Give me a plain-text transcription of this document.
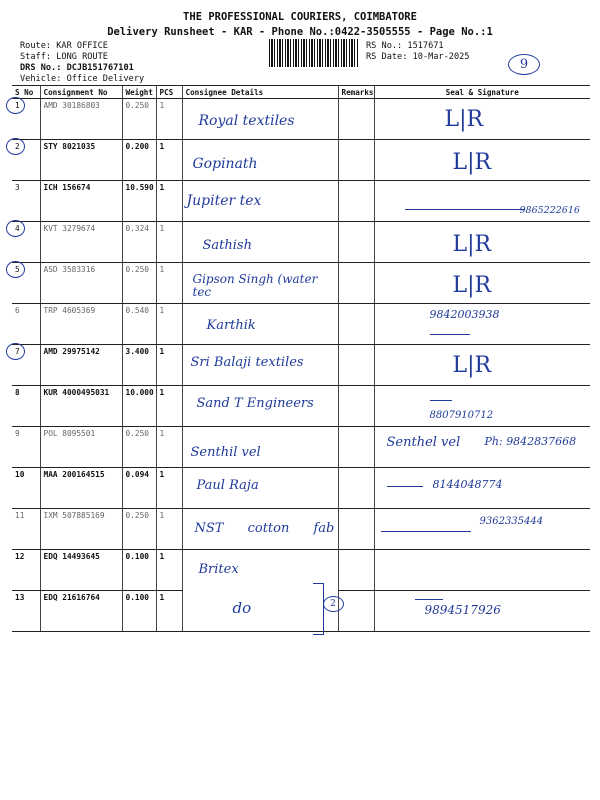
THE PROFESSIONAL COURIERS, COIMBATORE
Delivery Runsheet - KAR - Phone No.:0422-3505555 - Page No.:1
Route: KAR OFFICE
Staff: LONG ROUTE
DRS No.: DCJB151767101
Vehicle: Office Delivery
RS No.: 1517671
RS Date: 10-Mar-2025	9
S No	Consignment No	Weight	PCS	Consignee Details	Remarks	Seal & Signature

1	AMD 30186803	0.250	1	Royal textiles		L|R

2	STY 8021035	0.200	1	Gopinath		L|R

3	ICH 156674	10.590	1	Jupiter tex		9865222616

4	KVT 3279674	0.324	1	Sathish		L|R

5	ASD 3583316	0.250	1	Gipson Singh (water tec		L|R

6	TRP 4605369	0.540	1	Karthik		9842003938

7	AMD 29975142	3.400	1	Sri Balaji textiles		L|R

8	KUR 4000495031	10.000	1	Sand T Engineers		8807910712

9	POL 8095501	0.250	1	Senthil vel		Senthel vel Ph: 9842837668

10	MAA 200164515	0.094	1	Paul Raja		8144048774

11	IXM 507885169	0.250	1	NST cotton fab		9362335444

12	EDQ 14493645	0.100	1	Britex		

13	EDQ 21616764	0.100	1	do 2		9894517926
